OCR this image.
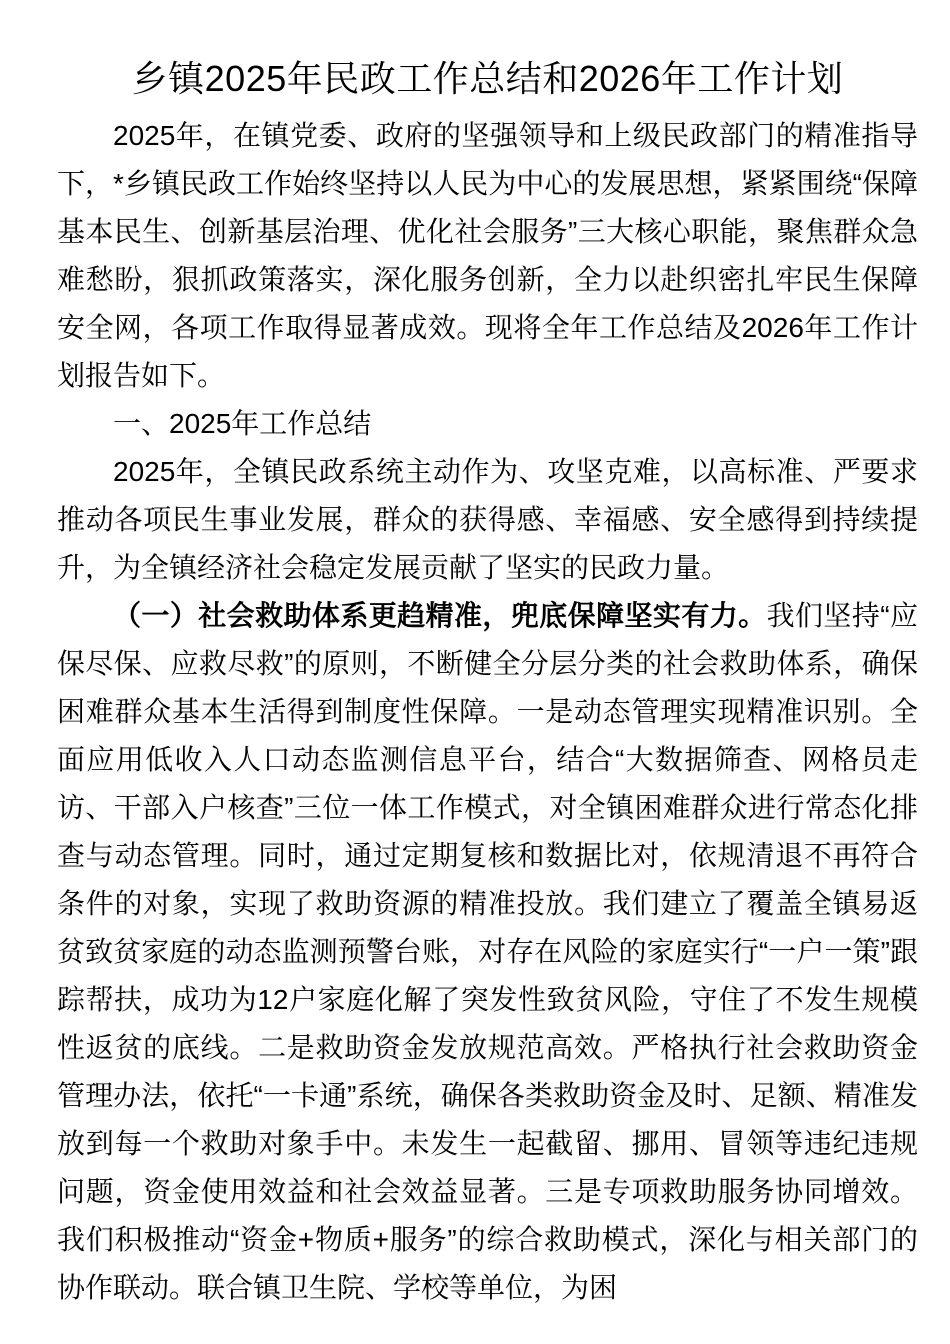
乡镇2025年民政工作总结和2026年工作计划

2025年，在镇党委、政府的坚强领导和上级民政部门的精准指导下，*乡镇民政工作始终坚持以人民为中心的发展思想，紧紧围绕“保障基本民生、创新基层治理、优化社会服务”三大核心职能，聚焦群众急难愁盼，狠抓政策落实，深化服务创新，全力以赴织密扎牢民生保障安全网，各项工作取得显著成效。现将全年工作总结及2026年工作计划报告如下。

一、2025年工作总结

2025年，全镇民政系统主动作为、攻坚克难，以高标准、严要求推动各项民生事业发展，群众的获得感、幸福感、安全感得到持续提升，为全镇经济社会稳定发展贡献了坚实的民政力量。

（一）社会救助体系更趋精准，兜底保障坚实有力。我们坚持“应保尽保、应救尽救”的原则，不断健全分层分类的社会救助体系，确保困难群众基本生活得到制度性保障。一是动态管理实现精准识别。全面应用低收入人口动态监测信息平台，结合“大数据筛查、网格员走访、干部入户核查”三位一体工作模式，对全镇困难群众进行常态化排查与动态管理。同时，通过定期复核和数据比对，依规清退不再符合条件的对象，实现了救助资源的精准投放。我们建立了覆盖全镇易返贫致贫家庭的动态监测预警台账，对存在风险的家庭实行“一户一策”跟踪帮扶，成功为12户家庭化解了突发性致贫风险，守住了不发生规模性返贫的底线。二是救助资金发放规范高效。严格执行社会救助资金管理办法，依托“一卡通”系统，确保各类救助资金及时、足额、精准发放到每一个救助对象手中。未发生一起截留、挪用、冒领等违纪违规问题，资金使用效益和社会效益显著。三是专项救助服务协同增效。我们积极推动“资金+物质+服务”的综合救助模式，深化与相关部门的协作联动。联合镇卫生院、学校等单位，为困
